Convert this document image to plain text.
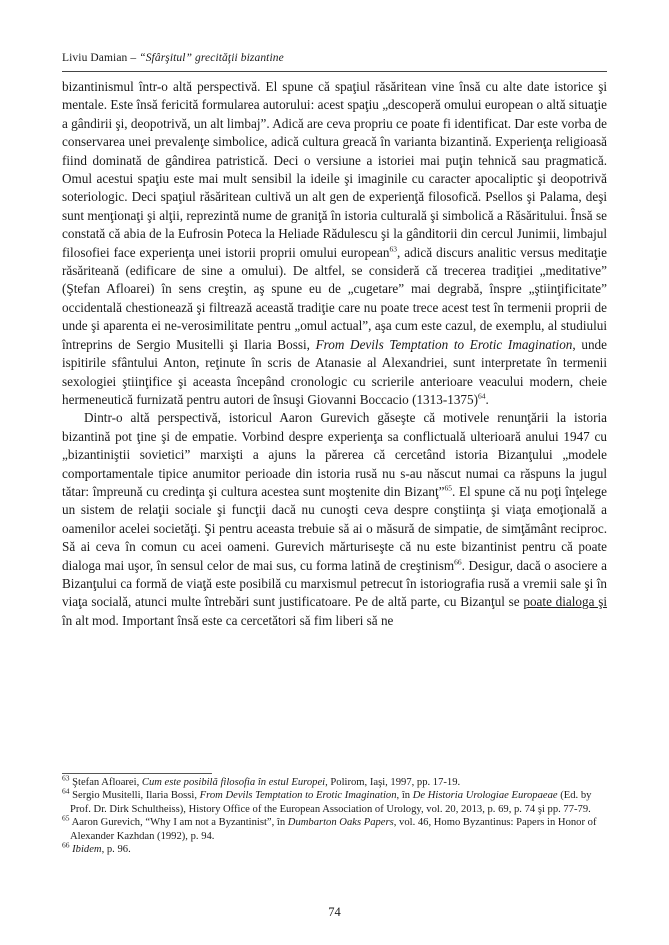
Liviu Damian – “Sfârşitul” grecităţii bizantine

bizantinismul într-o altă perspectivă. El spune că spaţiul răsăritean vine însă cu alte date istorice şi mentale. Este însă fericită formularea autorului: acest spaţiu „descoperă omului european o altă situaţie a gândirii şi, deopotrivă, un alt limbaj”. Adică are ceva propriu ce poate fi identificat. Dar este vorba de conservarea unei prevalenţe simbolice, adică cultura greacă în varianta bizantină. Experienţa religioasă fiind dominată de gândirea patristică. Deci o versiune a istoriei mai puţin tehnică sau pragmatică. Omul acestui spaţiu este mai mult sensibil la ideile şi imaginile cu caracter apocaliptic şi deopotrivă soteriologic. Deci spaţiul răsăritean cultivă un alt gen de experienţă filosofică. Psellos şi Palama, deşi sunt menţionaţi şi alţii, reprezintă nume de graniţă în istoria culturală şi simbolică a Răsăritului. Însă se constată că abia de la Eufrosin Poteca la Heliade Rădulescu şi la gânditorii din cercul Junimii, limbajul filosofiei face experienţa unei istorii proprii omului european$^{63}$, adică discurs analitic versus meditaţie răsăriteană (edificare de sine a omului). De altfel, se consideră că trecerea tradiţiei „meditative” (Ştefan Afloarei) în sens creştin, aş spune eu de „cugetare” mai degrabă, înspre „ştiinţificitate” occidentală chestionează şi filtrează această tradiţie care nu poate trece acest test în termenii proprii de unde şi aparenta ei ne-verosimilitate pentru „omul actual”, aşa cum este cazul, de exemplu, al studiului întreprins de Sergio Musitelli şi Ilaria Bossi, From Devils Temptation to Erotic Imagination, unde ispitirile sfântului Anton, reţinute în scris de Atanasie al Alexandriei, sunt interpretate în termenii sexologiei ştiinţifice şi aceasta începând cronologic cu scrierile anterioare veacului modern, cheie hermeneutică furnizată pentru autori de însuşi Giovanni Boccacio (1313-1375)$^{64}$.

Dintr-o altă perspectivă, istoricul Aaron Gurevich găseşte că motivele renunţării la istoria bizantină pot ţine şi de empatie. Vorbind despre experienţa sa conflictuală ulterioară anului 1947 cu „bizantiniştii sovietici” marxişti a ajuns la părerea că cercetând istoria Bizanţului „modele comportamentale tipice anumitor perioade din istoria rusă nu s-au născut numai ca răspuns la jugul tătar: împreună cu credinţa şi cultura acestea sunt moştenite din Bizanţ”$^{65}$. El spune că nu poţi înţelege un sistem de relaţii sociale şi funcţii dacă nu cunoşti ceva despre conştiinţa şi viaţa emoţională a oamenilor acelei societăţi. Şi pentru aceasta trebuie să ai o măsură de simpatie, de simţământ reciproc. Să ai ceva în comun cu acei oameni. Gurevich mărturiseşte că nu este bizantinist pentru că poate dialoga mai uşor, în sensul celor de mai sus, cu forma latină de creştinism$^{66}$. Desigur, dacă o asociere a Bizanţului ca formă de viaţă este posibilă cu marxismul petrecut în istoriografia rusă a vremii sale şi în viaţa socială, atunci multe întrebări sunt justificatoare. Pe de altă parte, cu Bizanţul se poate dialoga şi în alt mod. Important însă este ca cercetători să fim liberi să ne

$^{63}$ Ştefan Afloarei, Cum este posibilă filosofia în estul Europei, Polirom, Iaşi, 1997, pp. 17-19.
$^{64}$ Sergio Musitelli, Ilaria Bossi, From Devils Temptation to Erotic Imagination, în De Historia Urologiae Europaeae (Ed. by Prof. Dr. Dirk Schultheiss), History Office of the European Association of Urology, vol. 20, 2013, p. 69, p. 74 şi pp. 77-79.
$^{65}$ Aaron Gurevich, “Why I am not a Byzantinist”, în Dumbarton Oaks Papers, vol. 46, Homo Byzantinus: Papers in Honor of Alexander Kazhdan (1992), p. 94.
$^{66}$ Ibidem, p. 96.
74
